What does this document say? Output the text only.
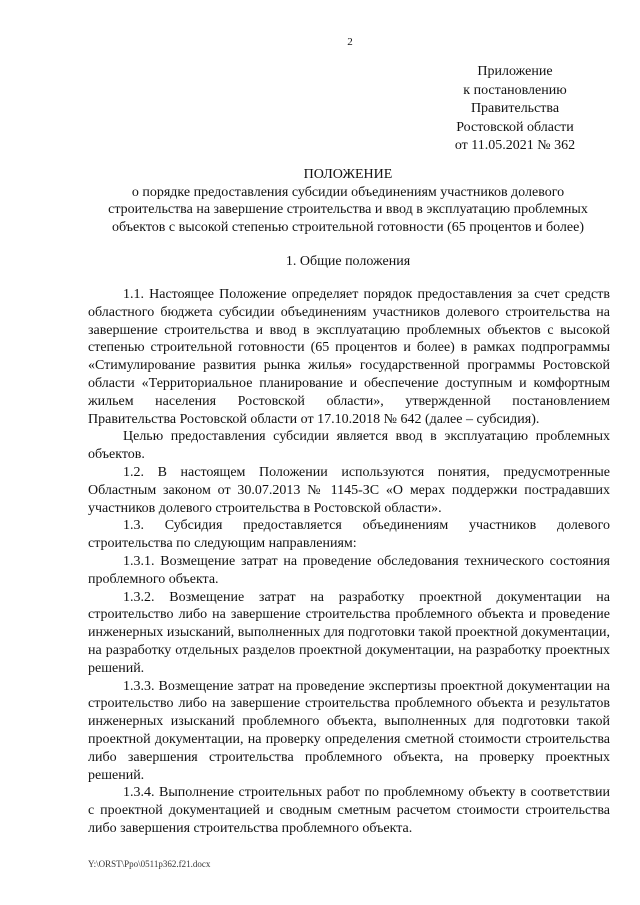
2
Приложение
к постановлению
Правительства
Ростовской области
от 11.05.2021 № 362
ПОЛОЖЕНИЕ
о порядке предоставления субсидии объединениям участников долевого строительства на завершение строительства и ввод в эксплуатацию проблемных объектов с высокой степенью строительной готовности (65 процентов и более)
1. Общие положения

1.1. Настоящее Положение определяет порядок предоставления за счет средств областного бюджета субсидии объединениям участников долевого строительства на завершение строительства и ввод в эксплуатацию проблемных объектов с высокой степенью строительной готовности (65 процентов и более) в рамках подпрограммы «Стимулирование развития рынка жилья» государственной программы Ростовской области «Территориальное планирование и обеспечение доступным и комфортным жильем населения Ростовской области», утвержденной постановлением Правительства Ростовской области от 17.10.2018 № 642 (далее – субсидия).

Целью предоставления субсидии является ввод в эксплуатацию проблемных объектов.

1.2. В настоящем Положении используются понятия, предусмотренные Областным законом от 30.07.2013 № 1145-ЗС «О мерах поддержки пострадавших участников долевого строительства в Ростовской области».

1.3. Субсидия предоставляется объединениям участников долевого строительства по следующим направлениям:

1.3.1. Возмещение затрат на проведение обследования технического состояния проблемного объекта.

1.3.2. Возмещение затрат на разработку проектной документации на строительство либо на завершение строительства проблемного объекта и проведение инженерных изысканий, выполненных для подготовки такой проектной документации, на разработку отдельных разделов проектной документации, на разработку проектных решений.

1.3.3. Возмещение затрат на проведение экспертизы проектной документации на строительство либо на завершение строительства проблемного объекта и результатов инженерных изысканий проблемного объекта, выполненных для подготовки такой проектной документации, на проверку определения сметной стоимости строительства либо завершения строительства проблемного объекта, на проверку проектных решений.

1.3.4. Выполнение строительных работ по проблемному объекту в соответствии с проектной документацией и сводным сметным расчетом стоимости строительства либо завершения строительства проблемного объекта.

Y:\ORST\Ppo\0511p362.f21.docx
